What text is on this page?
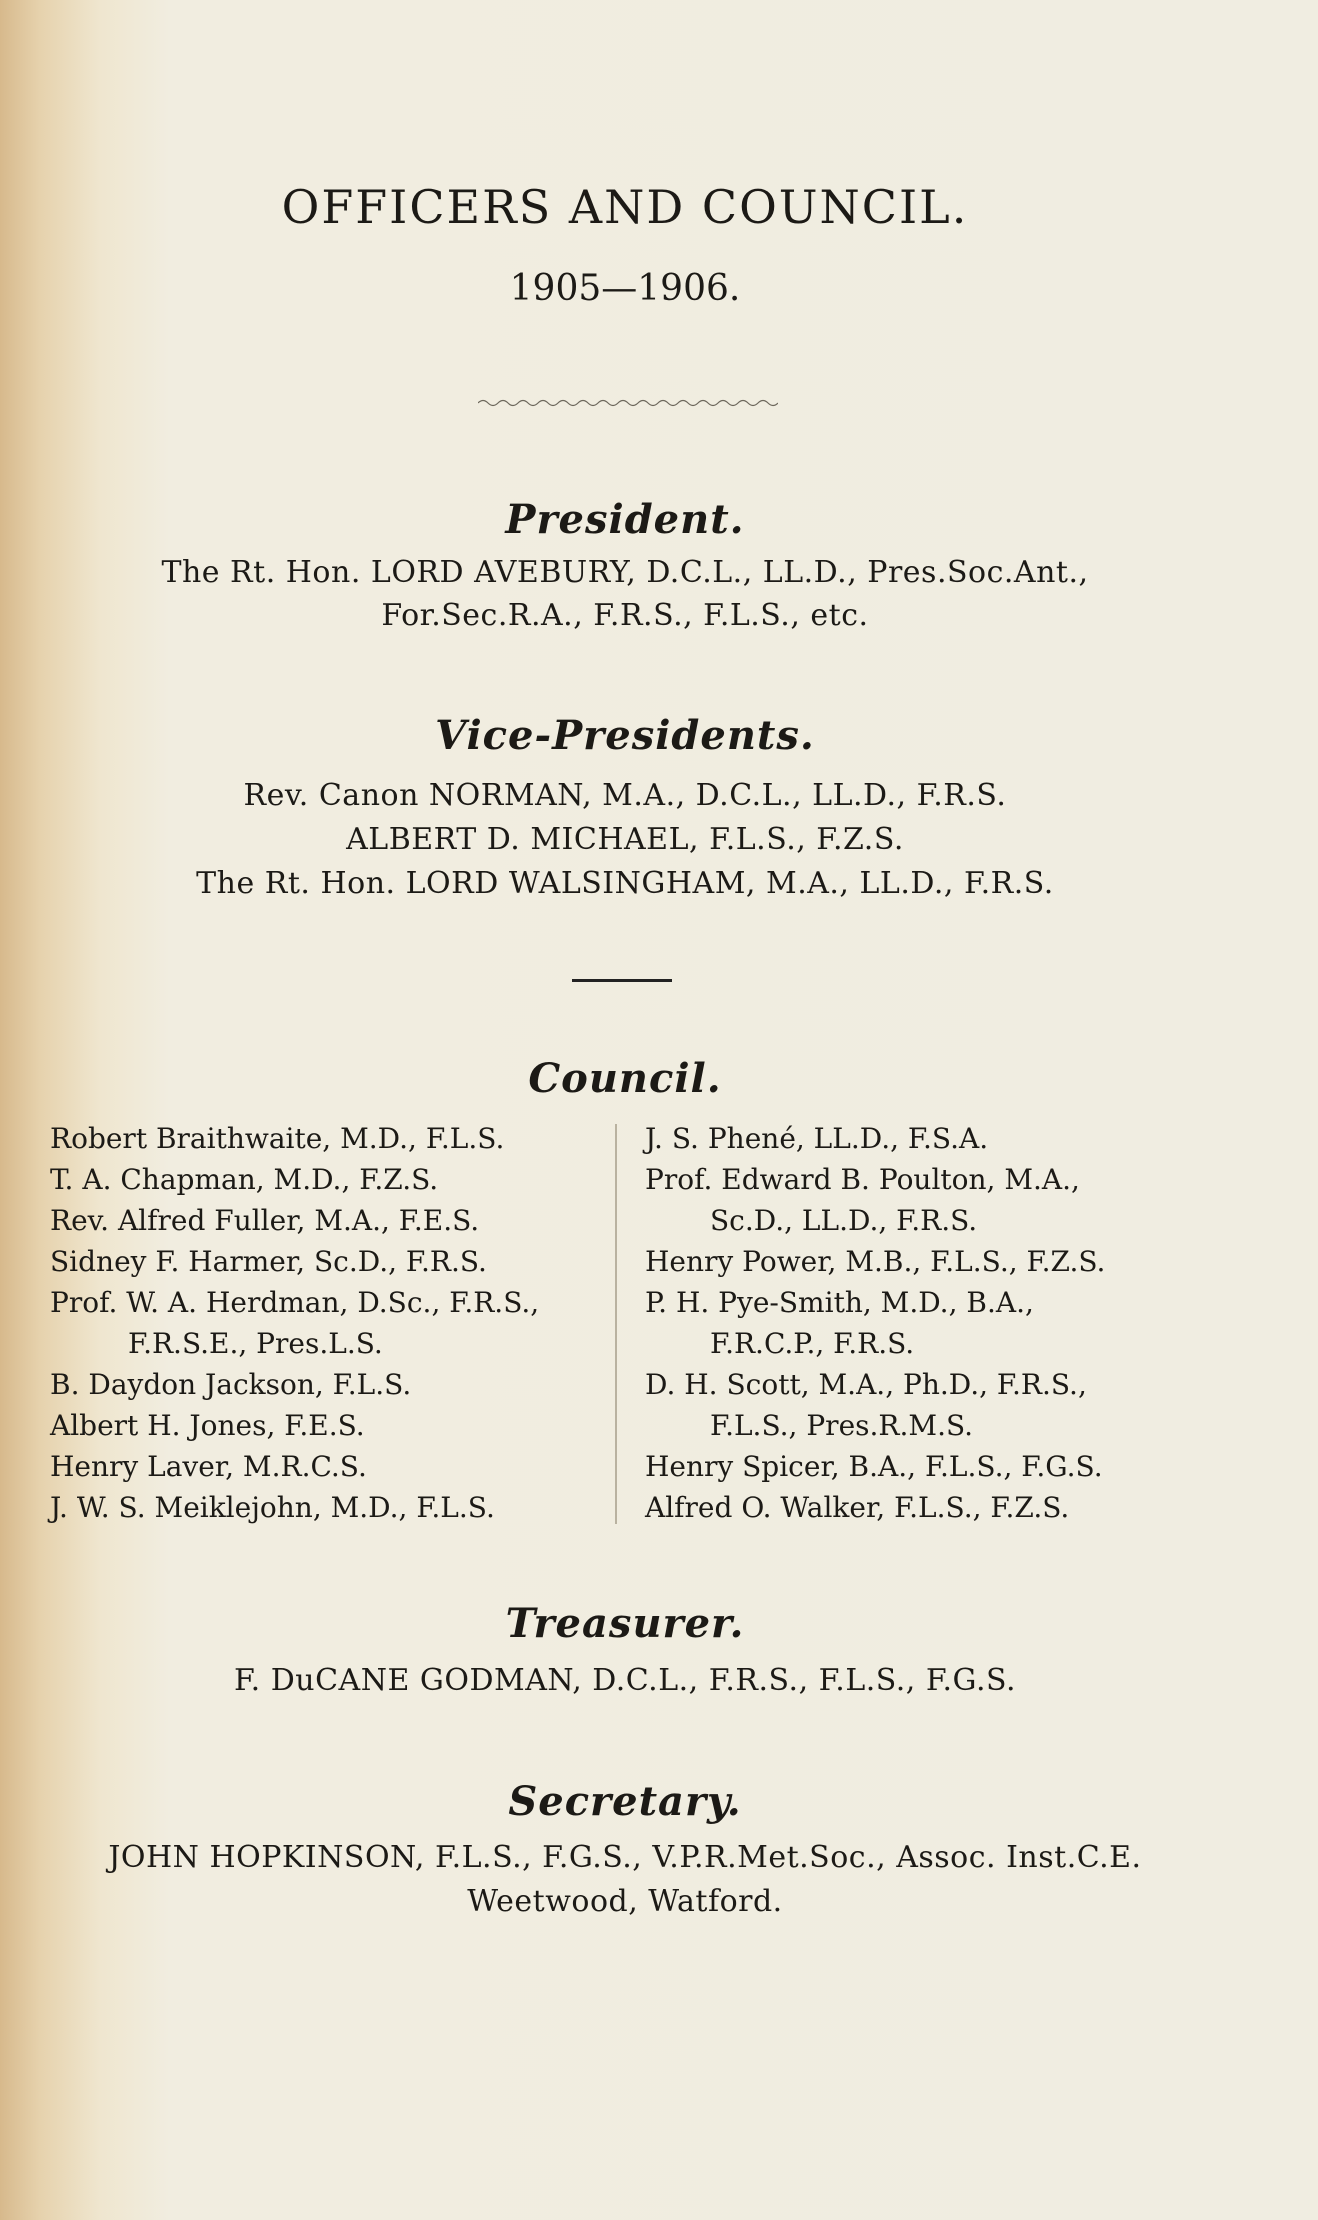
OFFICERS AND COUNCIL.
1905—1906.
President.
The Rt. Hon. LORD AVEBURY, D.C.L., LL.D., Pres.Soc.Ant.,
For.Sec.R.A., F.R.S., F.L.S., etc.
Vice-Presidents.
Rev. Canon NORMAN, M.A., D.C.L., LL.D., F.R.S.
ALBERT D. MICHAEL, F.L.S., F.Z.S.
The Rt. Hon. LORD WALSINGHAM, M.A., LL.D., F.R.S.
Council.
Robert Braithwaite, M.D., F.L.S.
T. A. Chapman, M.D., F.Z.S.
Rev. Alfred Fuller, M.A., F.E.S.
Sidney F. Harmer, Sc.D., F.R.S.
Prof. W. A. Herdman, D.Sc., F.R.S.,
F.R.S.E., Pres.L.S.
B. Daydon Jackson, F.L.S.
Albert H. Jones, F.E.S.
Henry Laver, M.R.C.S.
J. W. S. Meiklejohn, M.D., F.L.S.
J. S. Phené, LL.D., F.S.A.
Prof. Edward B. Poulton, M.A.,
Sc.D., LL.D., F.R.S.
Henry Power, M.B., F.L.S., F.Z.S.
P. H. Pye-Smith, M.D., B.A.,
F.R.C.P., F.R.S.
D. H. Scott, M.A., Ph.D., F.R.S.,
F.L.S., Pres.R.M.S.
Henry Spicer, B.A., F.L.S., F.G.S.
Alfred O. Walker, F.L.S., F.Z.S.
Treasurer.
F. DuCANE GODMAN, D.C.L., F.R.S., F.L.S., F.G.S.
Secretary.
JOHN HOPKINSON, F.L.S., F.G.S., V.P.R.Met.Soc., Assoc. Inst.C.E.
Weetwood, Watford.
